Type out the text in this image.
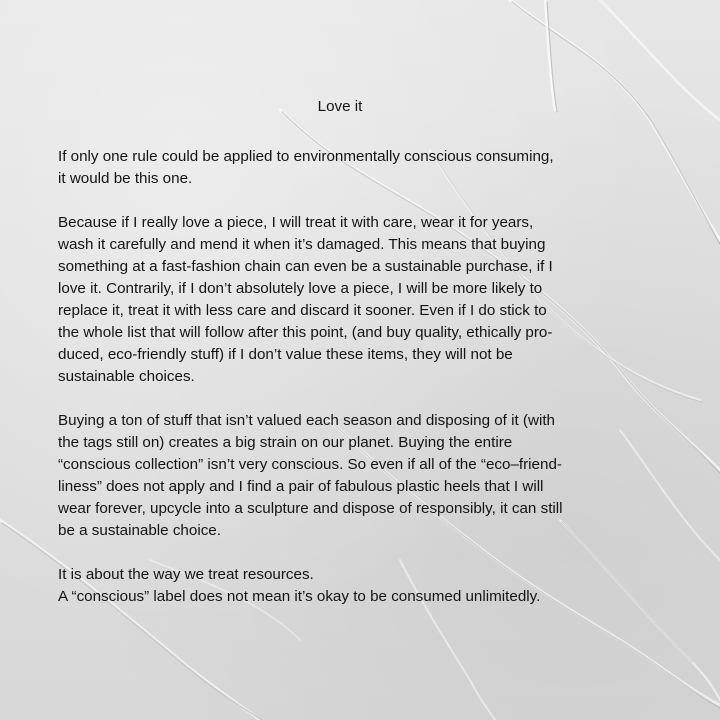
Love it
If only one rule could be applied to environmentally conscious consuming,
it would be this one.
Because if I really love a piece, I will treat it with care, wear it for years,
wash it carefully and mend it when it’s damaged. This means that buying
something at a fast-fashion chain can even be a sustainable purchase, if I
love it. Contrarily, if I don’t absolutely love a piece, I will be more likely to
replace it, treat it with less care and discard it sooner. Even if I do stick to
the whole list that will follow after this point, (and buy quality, ethically pro-
duced, eco-friendly stuff) if I don’t value these items, they will not be
sustainable choices.
Buying a ton of stuff that isn’t valued each season and disposing of it (with
the tags still on) creates a big strain on our planet. Buying the entire
“conscious collection” isn’t very conscious. So even if all of the “eco–friend-
liness” does not apply and I find a pair of fabulous plastic heels that I will
wear forever, upcycle into a sculpture and dispose of responsibly, it can still
be a sustainable choice.
It is about the way we treat resources.
A “conscious” label does not mean it’s okay to be consumed unlimitedly.
